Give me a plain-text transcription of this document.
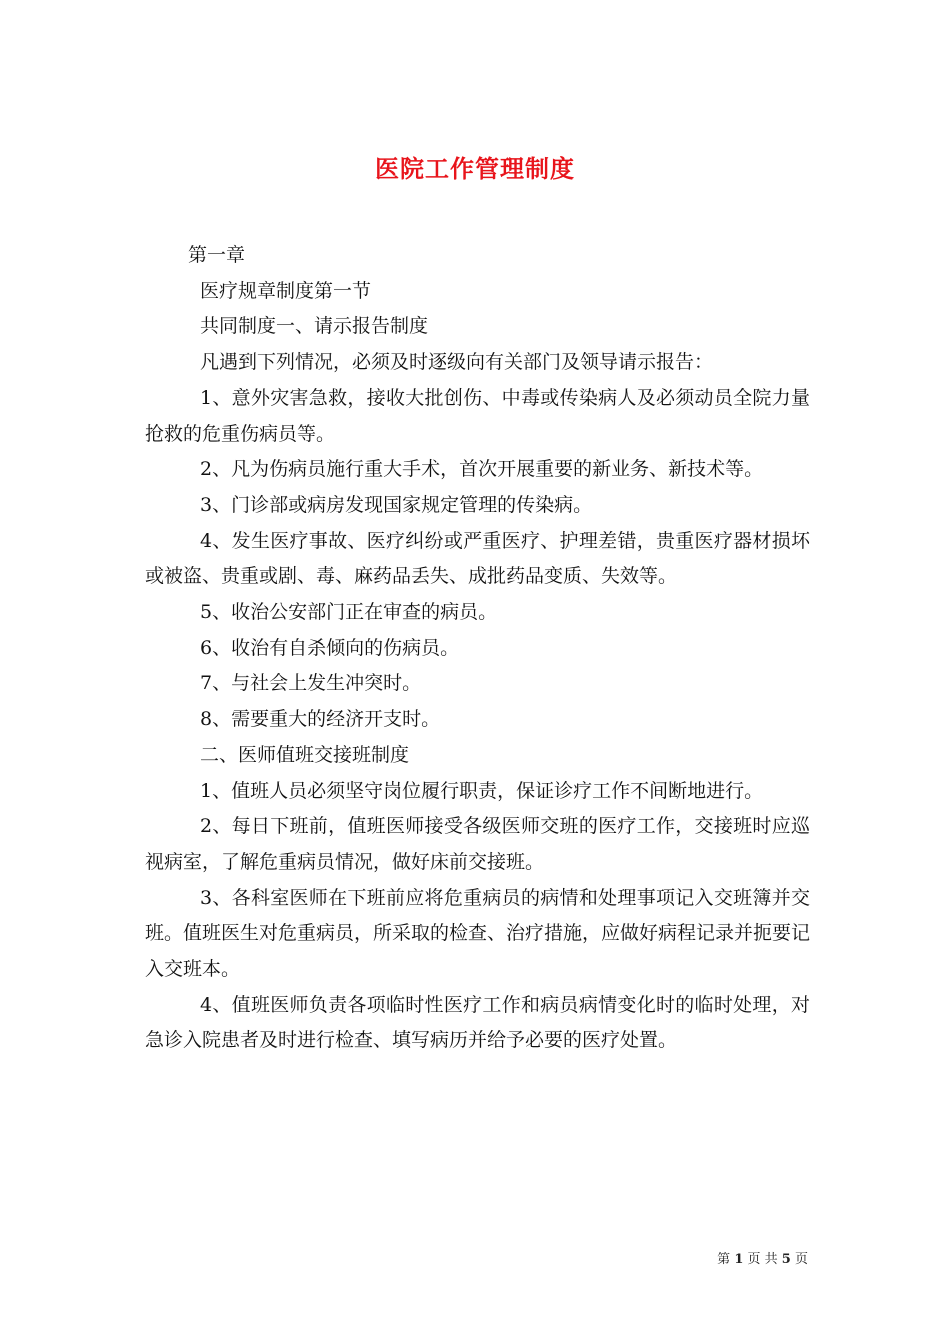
医院工作管理制度

第一章

医疗规章制度第一节

共同制度一、请示报告制度

凡遇到下列情况，必须及时逐级向有关部门及领导请示报告：

1、意外灾害急救，接收大批创伤、中毒或传染病人及必须动员全院力量抢救的危重伤病员等。

2、凡为伤病员施行重大手术，首次开展重要的新业务、新技术等。

3、门诊部或病房发现国家规定管理的传染病。

4、发生医疗事故、医疗纠纷或严重医疗、护理差错，贵重医疗器材损坏或被盗、贵重或剧、毒、麻药品丢失、成批药品变质、失效等。

5、收治公安部门正在审查的病员。

6、收治有自杀倾向的伤病员。

7、与社会上发生冲突时。

8、需要重大的经济开支时。

二、医师值班交接班制度

1、值班人员必须坚守岗位履行职责，保证诊疗工作不间断地进行。

2、每日下班前，值班医师接受各级医师交班的医疗工作，交接班时应巡视病室，了解危重病员情况，做好床前交接班。

3、各科室医师在下班前应将危重病员的病情和处理事项记入交班簿并交班。值班医生对危重病员，所采取的检查、治疗措施，应做好病程记录并扼要记入交班本。

4、值班医师负责各项临时性医疗工作和病员病情变化时的临时处理，对急诊入院患者及时进行检查、填写病历并给予必要的医疗处置。

第 1 页 共 5 页
